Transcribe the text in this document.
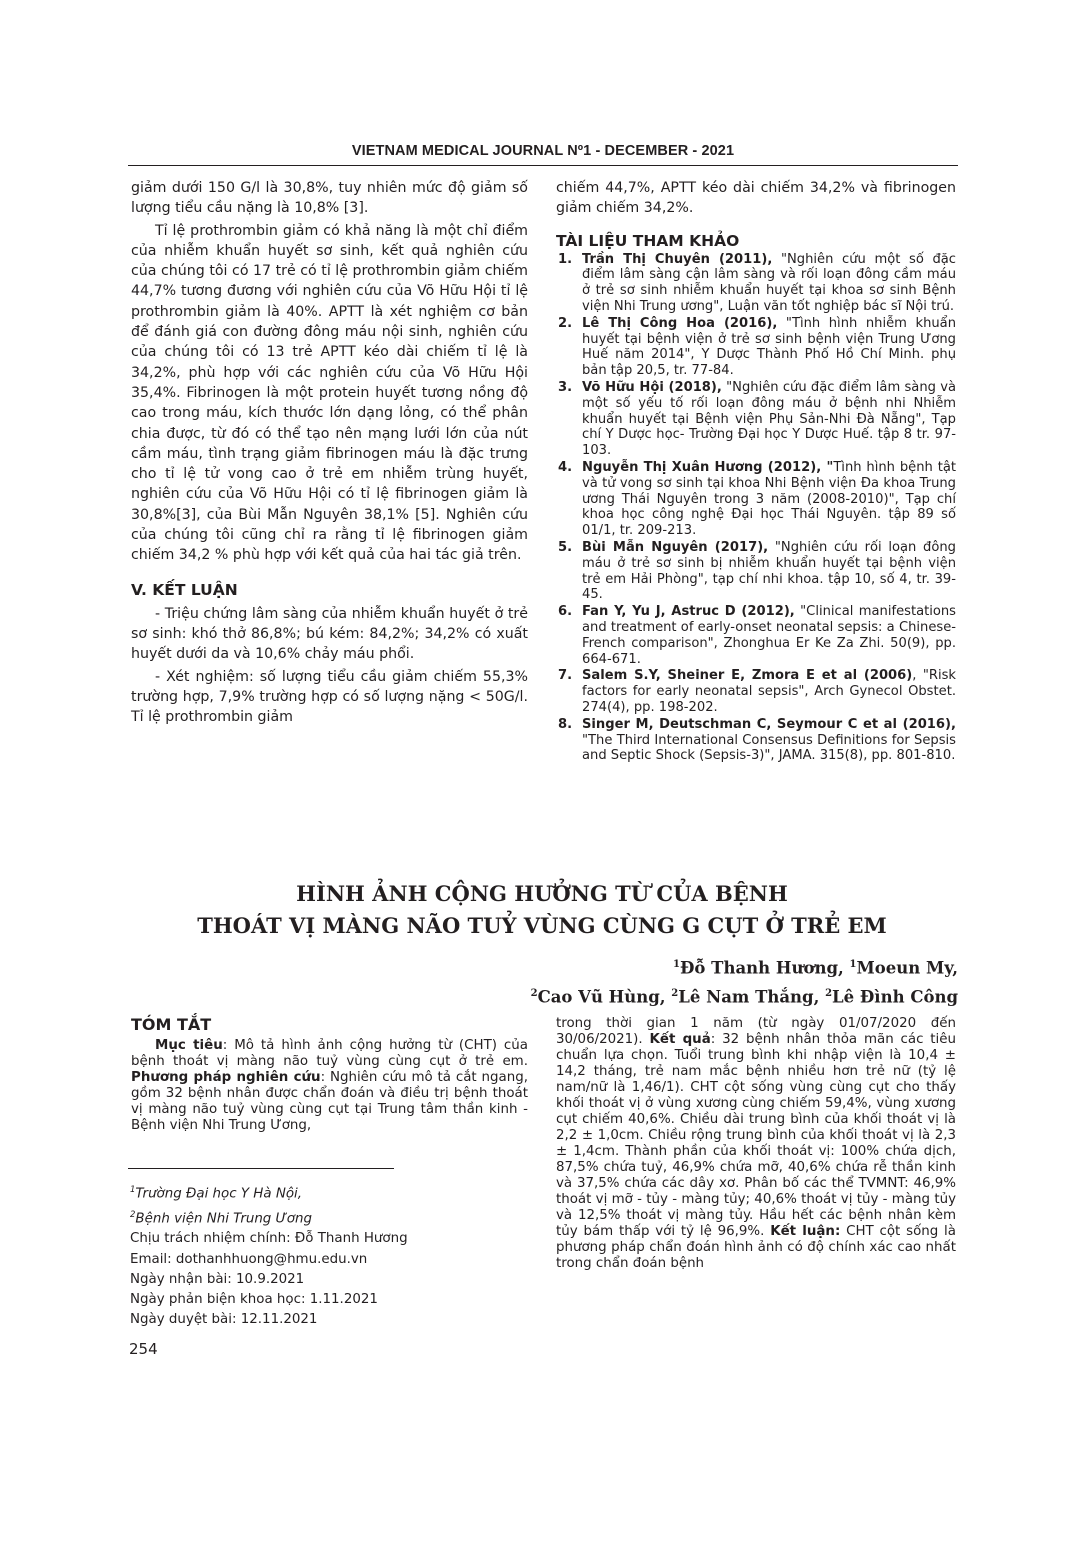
VIETNAM MEDICAL JOURNAL Nº1 - DECEMBER - 2021

giảm dưới 150 G/l là 30,8%, tuy nhiên mức độ giảm số lượng tiểu cầu nặng là 10,8% [3].

Tỉ lệ prothrombin giảm có khả năng là một chỉ điểm của nhiễm khuẩn huyết sơ sinh, kết quả nghiên cứu của chúng tôi có 17 trẻ có tỉ lệ prothrombin giảm chiếm 44,7% tương đương với nghiên cứu của Võ Hữu Hội tỉ lệ prothrombin giảm là 40%. APTT là xét nghiệm cơ bản để đánh giá con đường đông máu nội sinh, nghiên cứu của chúng tôi có 13 trẻ APTT kéo dài chiếm tỉ lệ là 34,2%, phù hợp với các nghiên cứu của Võ Hữu Hội 35,4%. Fibrinogen là một protein huyết tương nồng độ cao trong máu, kích thước lớn dạng lỏng, có thể phân chia được, từ đó có thể tạo nên mạng lưới lớn của nút cầm máu, tình trạng giảm fibrinogen máu là đặc trưng cho tỉ lệ tử vong cao ở trẻ em nhiễm trùng huyết, nghiên cứu của Võ Hữu Hội có tỉ lệ fibrinogen giảm là 30,8%[3], của Bùi Mẫn Nguyên 38,1% [5]. Nghiên cứu của chúng tôi cũng chỉ ra rằng tỉ lệ fibrinogen giảm chiếm 34,2 % phù hợp với kết quả của hai tác giả trên.

V. KẾT LUẬN

- Triệu chứng lâm sàng của nhiễm khuẩn huyết ở trẻ sơ sinh: khó thở 86,8%; bú kém: 84,2%; 34,2% có xuất huyết dưới da và 10,6% chảy máu phổi.

- Xét nghiệm: số lượng tiểu cầu giảm chiếm 55,3% trường hợp, 7,9% trường hợp có số lượng nặng < 50G/l. Tỉ lệ prothrombin giảm

chiếm 44,7%, APTT kéo dài chiếm 34,2% và fibrinogen giảm chiếm 34,2%.

TÀI LIỆU THAM KHẢO
1. Trần Thị Chuyên (2011), "Nghiên cứu một số đặc điểm lâm sàng cận lâm sàng và rối loạn đông cầm máu ở trẻ sơ sinh nhiễm khuẩn huyết tại khoa sơ sinh Bệnh viện Nhi Trung ương", Luận văn tốt nghiệp bác sĩ Nội trú.
2. Lê Thị Công Hoa (2016), "Tình hình nhiễm khuẩn huyết tại bệnh viện ở trẻ sơ sinh bệnh viện Trung Ương Huế năm 2014", Y Dược Thành Phố Hồ Chí Minh. phụ bản tập 20,5, tr. 77-84.
3. Võ Hữu Hội (2018), "Nghiên cứu đặc điểm lâm sàng và một số yếu tố rối loạn đông máu ở bệnh nhi Nhiễm khuẩn huyết tại Bệnh viện Phụ Sản-Nhi Đà Nẵng", Tạp chí Y Dược học- Trường Đại học Y Dược Huế. tập 8 tr. 97-103.
4. Nguyễn Thị Xuân Hương (2012), "Tình hình bệnh tật và tử vong sơ sinh tại khoa Nhi Bệnh viện Đa khoa Trung ương Thái Nguyên trong 3 năm (2008-2010)", Tạp chí khoa học công nghệ Đại học Thái Nguyên. tập 89 số 01/1, tr. 209-213.
5. Bùi Mẫn Nguyên (2017), "Nghiên cứu rối loạn đông máu ở trẻ sơ sinh bị nhiễm khuẩn huyết tại bệnh viện trẻ em Hải Phòng", tạp chí nhi khoa. tập 10, số 4, tr. 39-45.
6. Fan Y, Yu J, Astruc D (2012), "Clinical manifestations and treatment of early-onset neonatal sepsis: a Chinese-French comparison", Zhonghua Er Ke Za Zhi. 50(9), pp. 664-671.
7. Salem S.Y, Sheiner E, Zmora E et al (2006), "Risk factors for early neonatal sepsis", Arch Gynecol Obstet. 274(4), pp. 198-202.
8. Singer M, Deutschman C, Seymour C et al (2016), "The Third International Consensus Definitions for Sepsis and Septic Shock (Sepsis-3)", JAMA. 315(8), pp. 801-810.
HÌNH ẢNH CỘNG HƯỞNG TỪ CỦA BỆNH
THOÁT VỊ MÀNG NÃO TUỶ VÙNG CÙNG G CỤT Ở TRẺ EM
$^1$Đỗ Thanh Hương, $^1$Moeun My,
$^2$Cao Vũ Hùng, $^2$Lê Nam Thắng, $^2$Lê Đình Công
TÓM TẮT

Mục tiêu: Mô tả hình ảnh cộng hưởng từ (CHT) của bệnh thoát vị màng não tuỷ vùng cùng cụt ở trẻ em. Phương pháp nghiên cứu: Nghiên cứu mô tả cắt ngang, gồm 32 bệnh nhân được chẩn đoán và điều trị bệnh thoát vị màng não tuỷ vùng cùng cụt tại Trung tâm thần kinh - Bệnh viện Nhi Trung Ương,

trong thời gian 1 năm (từ ngày 01/07/2020 đến 30/06/2021). Kết quả: 32 bệnh nhân thỏa mãn các tiêu chuẩn lựa chọn. Tuổi trung bình khi nhập viện là 10,4 ± 14,2 tháng, trẻ nam mắc bệnh nhiều hơn trẻ nữ (tỷ lệ nam/nữ là 1,46/1). CHT cột sống vùng cùng cụt cho thấy khối thoát vị ở vùng xương cùng chiếm 59,4%, vùng xương cụt chiếm 40,6%. Chiều dài trung bình của khối thoát vị là 2,2 ± 1,0cm. Chiều rộng trung bình của khối thoát vị là 2,3 ± 1,4cm. Thành phần của khối thoát vị: 100% chứa dịch, 87,5% chứa tuỷ, 46,9% chứa mỡ, 40,6% chứa rễ thần kinh và 37,5% chứa các dây xơ. Phân bố các thể TVMNT: 46,9% thoát vị mỡ - tủy - màng tủy; 40,6% thoát vị tủy - màng tủy và 12,5% thoát vị màng tủy. Hầu hết các bệnh nhân kèm tủy bám thấp với tỷ lệ 96,9%. Kết luận: CHT cột sống là phương pháp chẩn đoán hình ảnh có độ chính xác cao nhất trong chẩn đoán bệnh

$^1$Trường Đại học Y Hà Nội,
$^2$Bệnh viện Nhi Trung Ương
Chịu trách nhiệm chính: Đỗ Thanh Hương
Email: dothanhhuong@hmu.edu.vn
Ngày nhận bài: 10.9.2021
Ngày phản biện khoa học: 1.11.2021
Ngày duyệt bài: 12.11.2021
254
